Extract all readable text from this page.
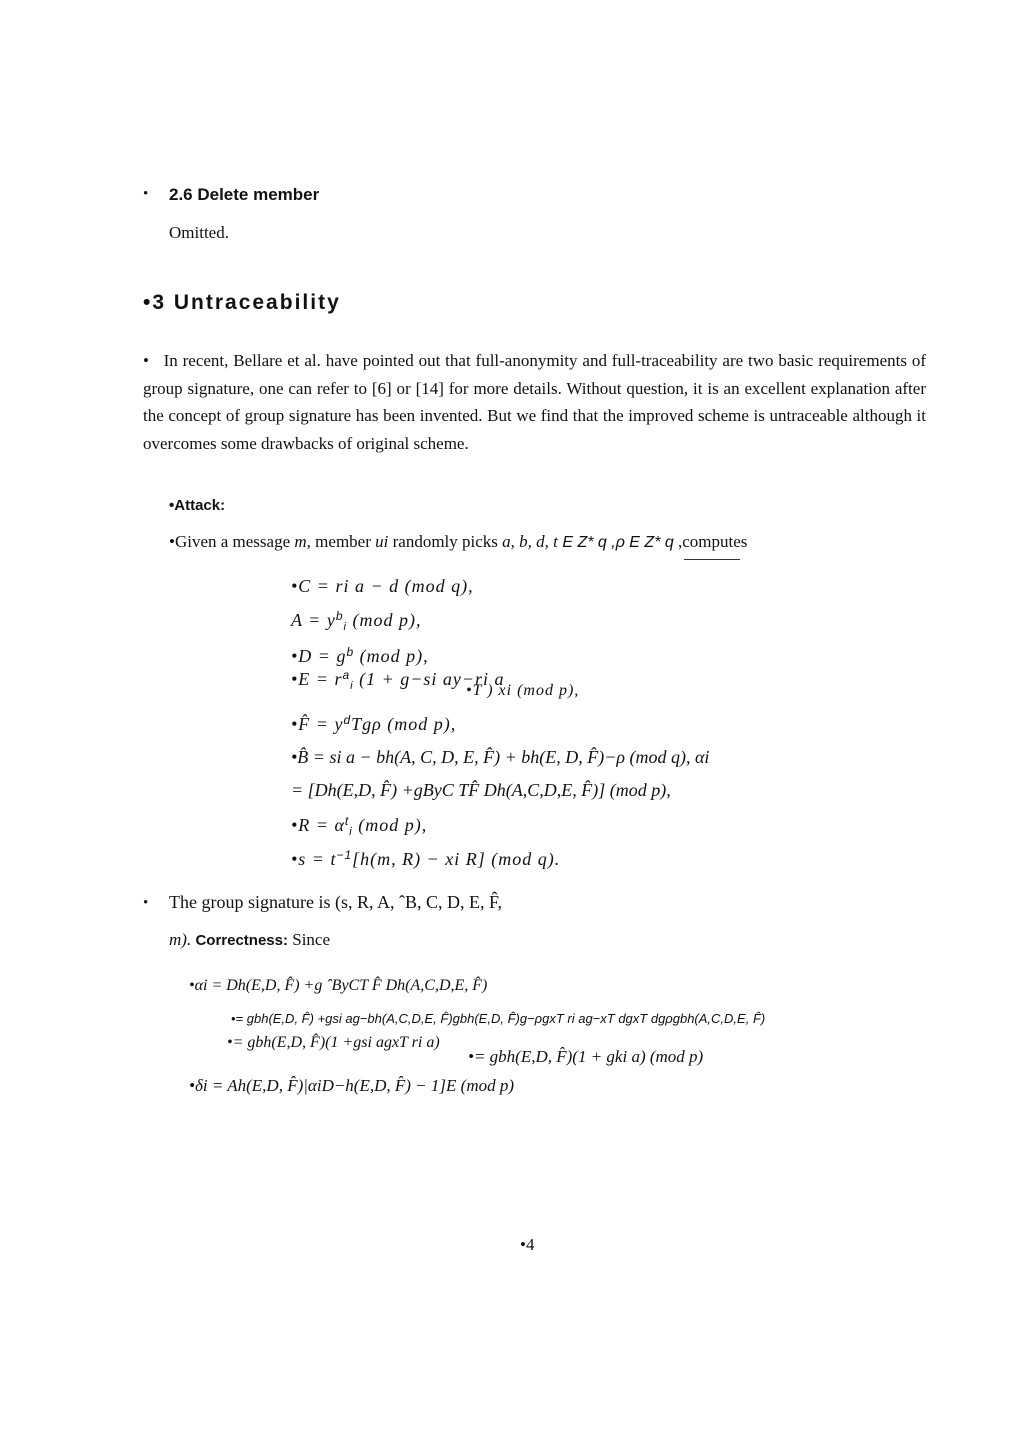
• 2.6 Delete member
Omitted.
•3 Untraceability
• In recent, Bellare et al. have pointed out that full-anonymity and full-traceability are two basic requirements of group signature, one can refer to [6] or [14] for more details. Without question, it is an excellent explanation after the concept of group signature has been invented. But we find that the improved scheme is untraceable although it overcomes some drawbacks of original scheme.
•Attack:
•Given a message m, member ui randomly picks a, b, d, t E Z* q ,ρ E Z* q ,computes
•C = ri a − d (mod q),
$A = y^b_i$ (mod p),
•D = $g^b$ (mod p),
•E = $r^a_i$ (1 + g−si ay−ri a
•T ) xi (mod p),
•F̂ = $y^dTg\rho$ (mod p),
•B̂ = si a − bh(A, C, D, E, F̂) + bh(E, D, F̂)−ρ (mod q), αi
= [Dh(E,D, F̂) +gByC TF̂ Dh(A,C,D,E, F̂)] (mod p),
•R = $\alpha^t_i$ (mod p),
•s = $t^{-1}[h(m$, R) − xi R] (mod q).
• The group signature is (s, R, A, ˆB, C, D, E, F̂,
m). Correctness: Since
•αi = Dh(E,D, F̂) +g ˆByCT F̂ Dh(A,C,D,E, F̂)
•= gbh(E,D, F̂) +gsi ag−bh(A,C,D,E, F̂)gbh(E,D, F̂)g−ρgxT ri ag−xT dgxT dgρgbh(A,C,D,E, F̂)
•= gbh(E,D, F̂)(1 +gsi agxT ri a)
•= gbh(E,D, F̂)(1 + gki a) (mod p)
•δi = Ah(E,D, F̂)|αiD−h(E,D, F̂) − 1]E (mod p)
•4
